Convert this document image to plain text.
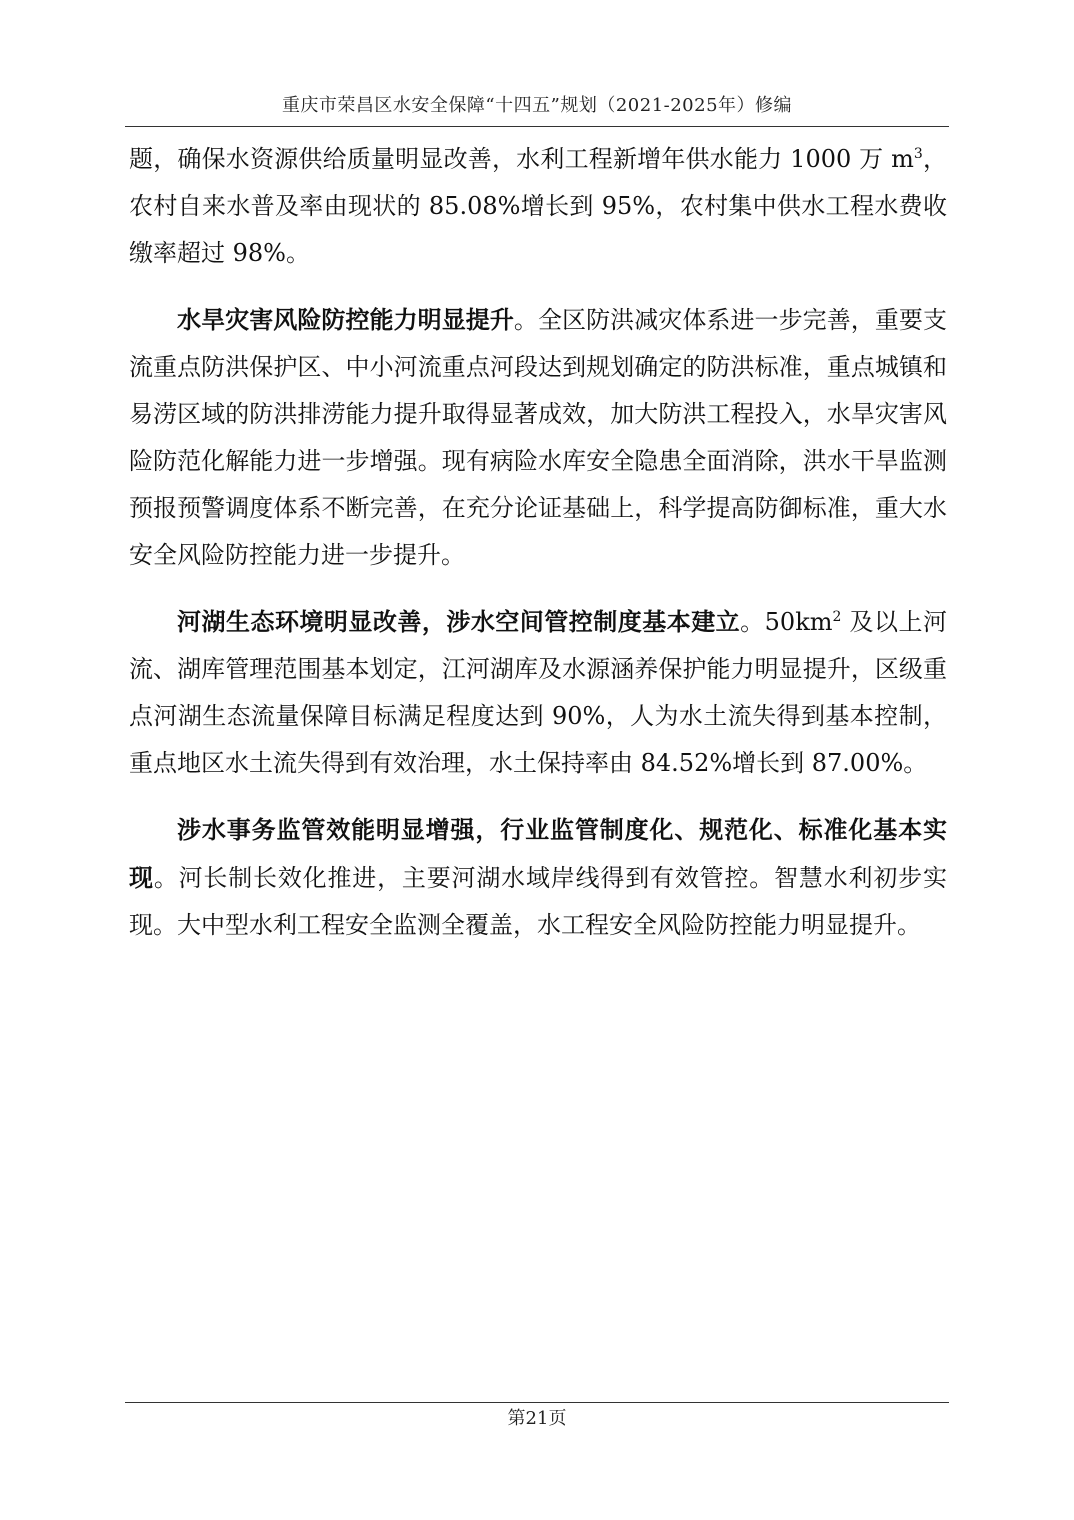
重庆市荣昌区水安全保障“十四五”规划（2021-2025年）修编

题，确保水资源供给质量明显改善，水利工程新增年供水能力 1000 万 $m^3$，农村自来水普及率由现状的 85.08%增长到 95%，农村集中供水工程水费收缴率超过 98%。

水旱灾害风险防控能力明显提升。全区防洪减灾体系进一步完善，重要支流重点防洪保护区、中小河流重点河段达到规划确定的防洪标准，重点城镇和易涝区域的防洪排涝能力提升取得显著成效，加大防洪工程投入，水旱灾害风险防范化解能力进一步增强。现有病险水库安全隐患全面消除，洪水干旱监测预报预警调度体系不断完善，在充分论证基础上，科学提高防御标准，重大水安全风险防控能力进一步提升。

河湖生态环境明显改善，涉水空间管控制度基本建立。$50km^2$ 及以上河流、湖库管理范围基本划定，江河湖库及水源涵养保护能力明显提升，区级重点河湖生态流量保障目标满足程度达到 90%，人为水土流失得到基本控制，重点地区水土流失得到有效治理，水土保持率由 84.52%增长到 87.00%。

涉水事务监管效能明显增强，行业监管制度化、规范化、标准化基本实现。河长制长效化推进，主要河湖水域岸线得到有效管控。智慧水利初步实现。大中型水利工程安全监测全覆盖，水工程安全风险防控能力明显提升。

第21页
